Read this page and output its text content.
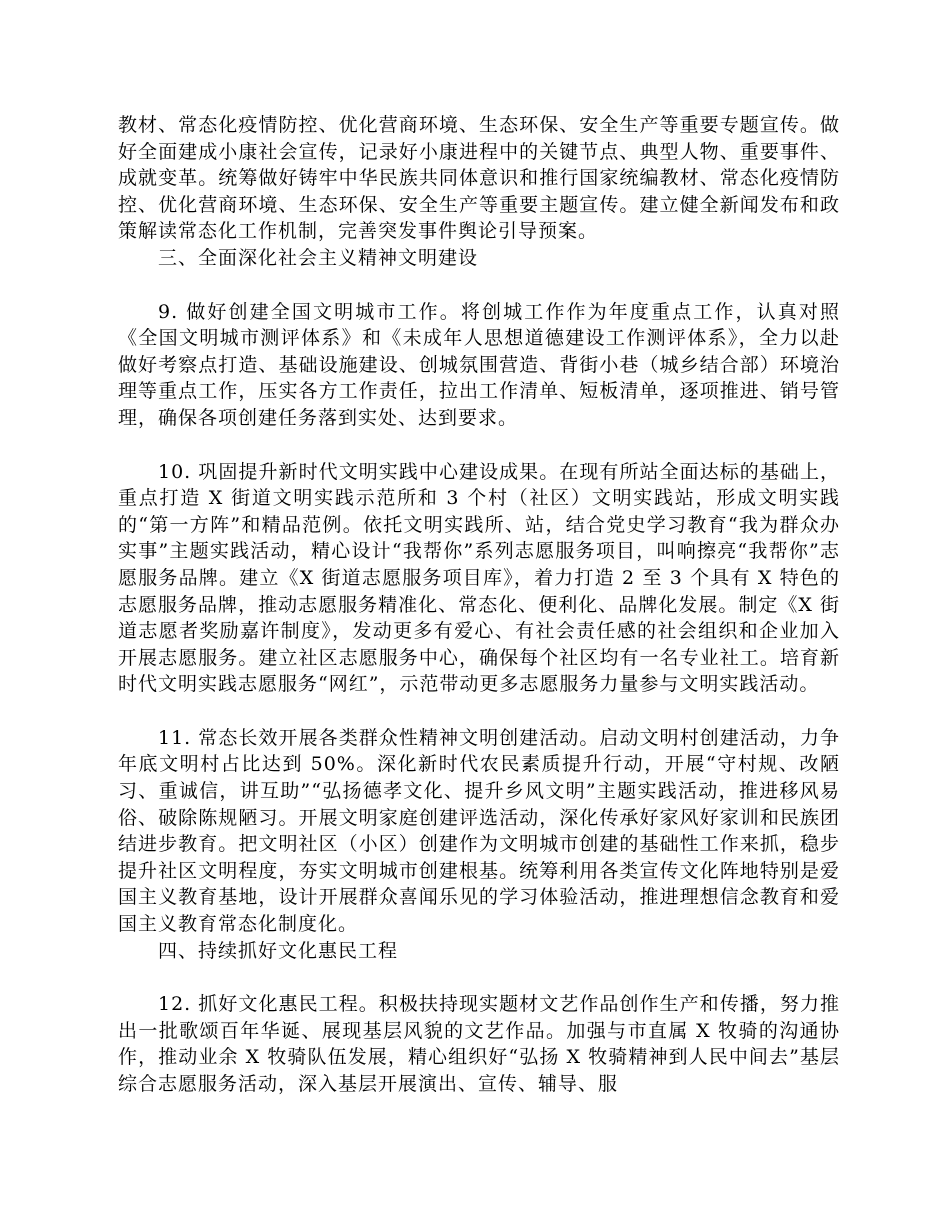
教材、常态化疫情防控、优化营商环境、生态环保、安全生产等重要专题宣传。做好全面建成小康社会宣传，记录好小康进程中的关键节点、典型人物、重要事件、成就变革。统筹做好铸牢中华民族共同体意识和推行国家统编教材、常态化疫情防控、优化营商环境、生态环保、安全生产等重要主题宣传。建立健全新闻发布和政策解读常态化工作机制，完善突发事件舆论引导预案。

三、全面深化社会主义精神文明建设

9. 做好创建全国文明城市工作。将创城工作作为年度重点工作，认真对照《全国文明城市测评体系》和《未成年人思想道德建设工作测评体系》，全力以赴做好考察点打造、基础设施建设、创城氛围营造、背街小巷（城乡结合部）环境治理等重点工作，压实各方工作责任，拉出工作清单、短板清单，逐项推进、销号管理，确保各项创建任务落到实处、达到要求。

10. 巩固提升新时代文明实践中心建设成果。在现有所站全面达标的基础上，重点打造 X 街道文明实践示范所和 3 个村（社区）文明实践站，形成文明实践的“第一方阵”和精品范例。依托文明实践所、站，结合党史学习教育“我为群众办实事”主题实践活动，精心设计“我帮你”系列志愿服务项目，叫响擦亮“我帮你”志愿服务品牌。建立《X 街道志愿服务项目库》，着力打造 2 至 3 个具有 X 特色的志愿服务品牌，推动志愿服务精准化、常态化、便利化、品牌化发展。制定《X 街道志愿者奖励嘉许制度》，发动更多有爱心、有社会责任感的社会组织和企业加入开展志愿服务。建立社区志愿服务中心，确保每个社区均有一名专业社工。培育新时代文明实践志愿服务“网红”，示范带动更多志愿服务力量参与文明实践活动。

11. 常态长效开展各类群众性精神文明创建活动。启动文明村创建活动，力争年底文明村占比达到 50%。深化新时代农民素质提升行动，开展“守村规、改陋习、重诚信，讲互助”“弘扬德孝文化、提升乡风文明”主题实践活动，推进移风易俗、破除陈规陋习。开展文明家庭创建评选活动，深化传承好家风好家训和民族团结进步教育。把文明社区（小区）创建作为文明城市创建的基础性工作来抓，稳步提升社区文明程度，夯实文明城市创建根基。统筹利用各类宣传文化阵地特别是爱国主义教育基地，设计开展群众喜闻乐见的学习体验活动，推进理想信念教育和爱国主义教育常态化制度化。

四、持续抓好文化惠民工程

12. 抓好文化惠民工程。积极扶持现实题材文艺作品创作生产和传播，努力推出一批歌颂百年华诞、展现基层风貌的文艺作品。加强与市直属 X 牧骑的沟通协作，推动业余 X 牧骑队伍发展，精心组织好“弘扬 X 牧骑精神到人民中间去”基层综合志愿服务活动，深入基层开展演出、宣传、辅导、服
